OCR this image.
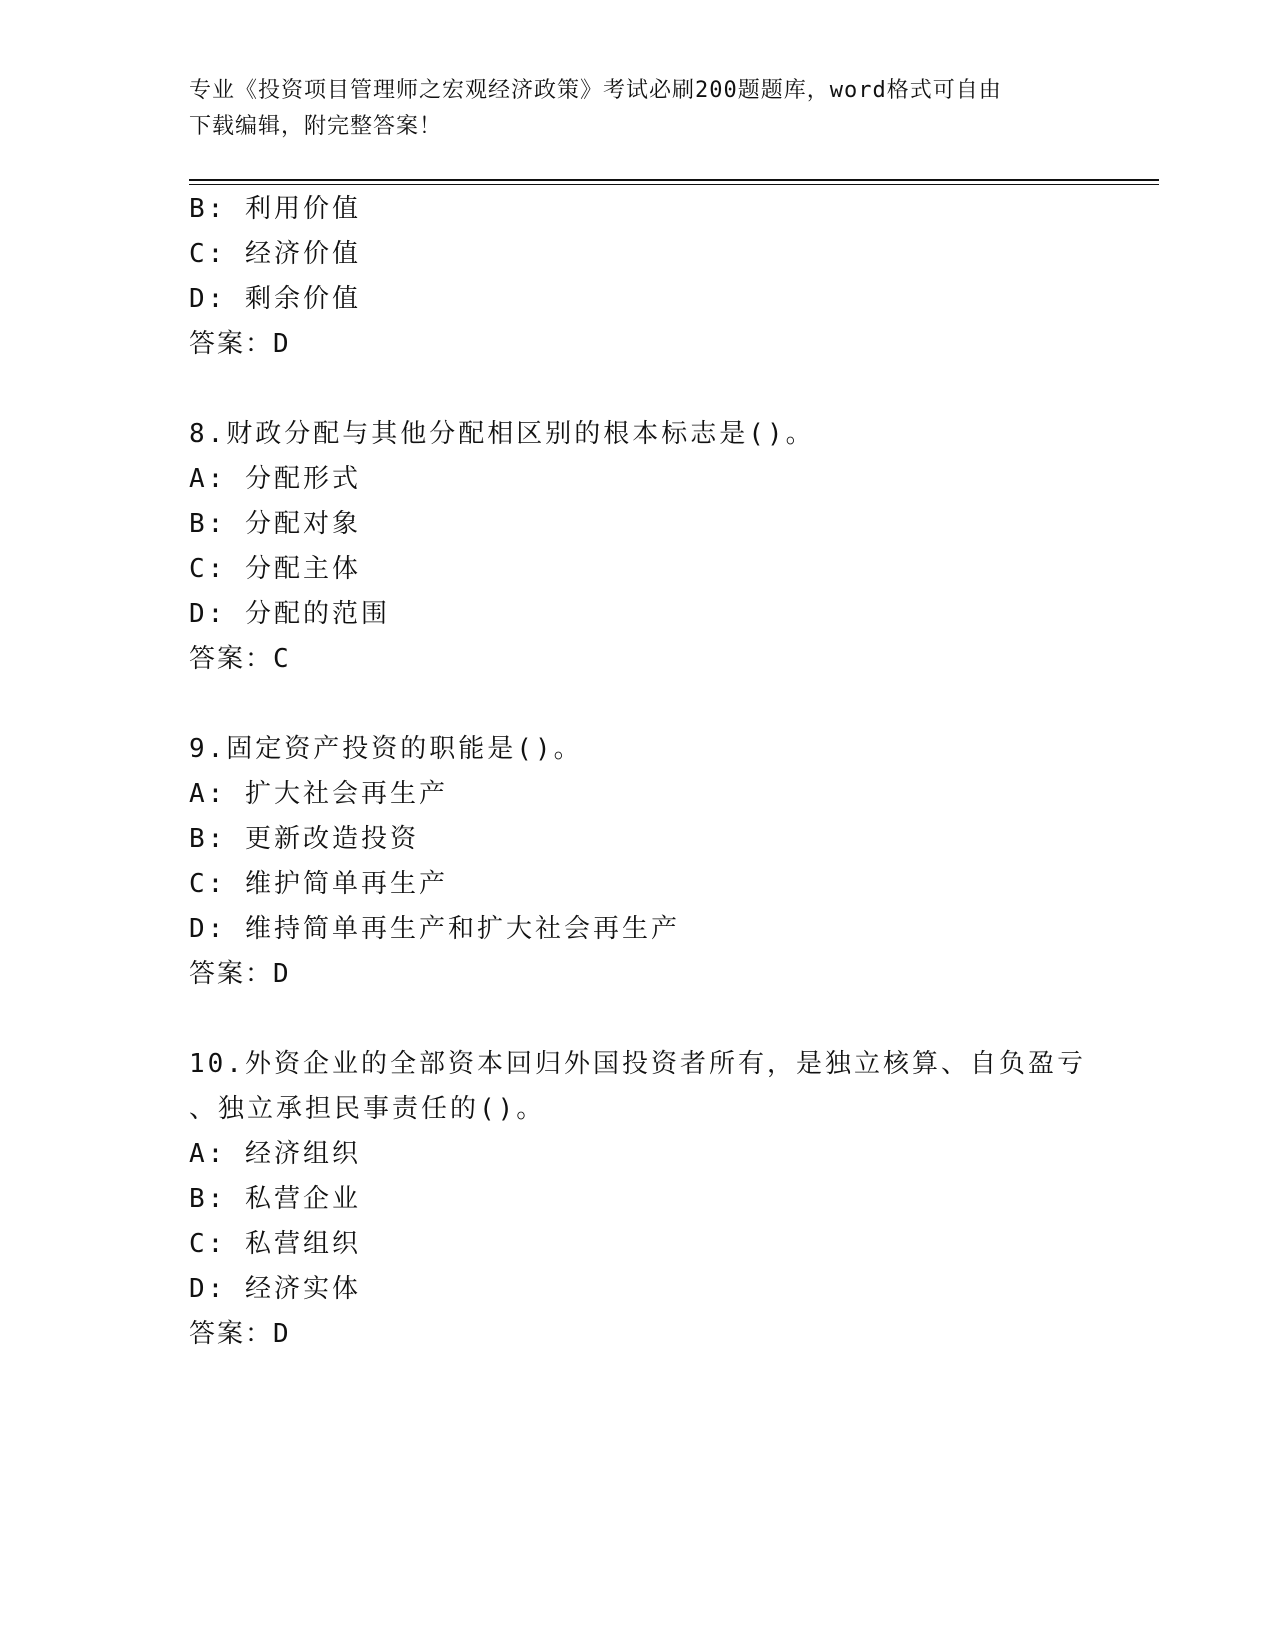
专业《投资项目管理师之宏观经济政策》考试必刷200题题库，word格式可自由
下载编辑，附完整答案！
B: 利用价值
C: 经济价值
D: 剩余价值
答案：D
8.财政分配与其他分配相区别的根本标志是()。
A: 分配形式
B: 分配对象
C: 分配主体
D: 分配的范围
答案：C
9.固定资产投资的职能是()。
A: 扩大社会再生产
B: 更新改造投资
C: 维护简单再生产
D: 维持简单再生产和扩大社会再生产
答案：D
10.外资企业的全部资本回归外国投资者所有，是独立核算、自负盈亏
、独立承担民事责任的()。
A: 经济组织
B: 私营企业
C: 私营组织
D: 经济实体
答案：D
